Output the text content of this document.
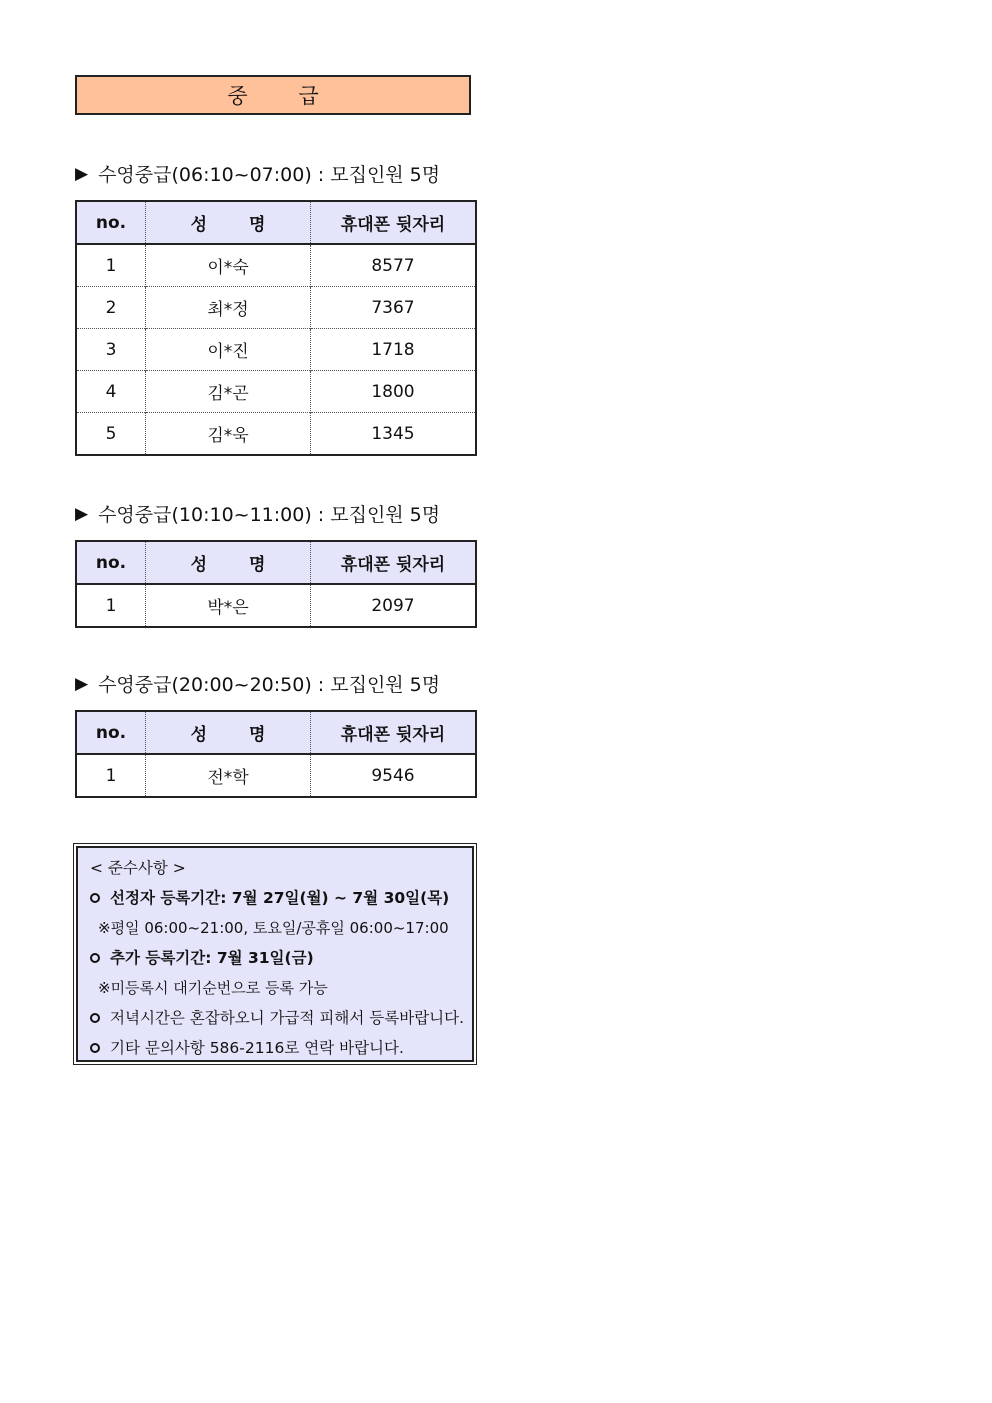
중 급
▶ 수영중급(06:10~07:00) : 모집인원 5명
no.	성 명	휴대폰 뒷자리
1	이*숙	8577
2	최*정	7367
3	이*진	1718
4	김*곤	1800
5	김*욱	1345
▶ 수영중급(10:10~11:00) : 모집인원 5명
no.	성 명	휴대폰 뒷자리
1	박*은	2097
▶ 수영중급(20:00~20:50) : 모집인원 5명
no.	성 명	휴대폰 뒷자리
1	전*학	9546
< 준수사항 >
선정자 등록기간: 7월 27일(월) ~ 7월 30일(목)
※평일 06:00~21:00, 토요일/공휴일 06:00~17:00
추가 등록기간: 7월 31일(금)
※미등록시 대기순번으로 등록 가능
저녁시간은 혼잡하오니 가급적 피해서 등록바랍니다.
기타 문의사항 586-2116로 연락 바랍니다.
